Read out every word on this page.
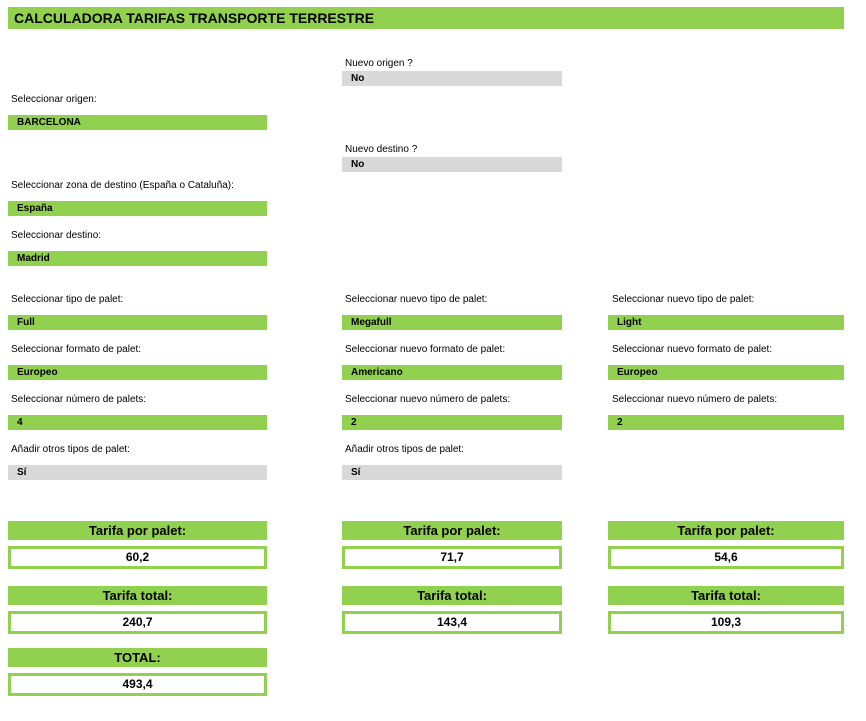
CALCULADORA TARIFAS TRANSPORTE TERRESTRE
Nuevo origen ?
No
Seleccionar origen:
BARCELONA
Nuevo destino ?
No
Seleccionar zona de destino (España o Cataluña):
España
Seleccionar destino:
Madrid
Seleccionar tipo de palet:
Full
Seleccionar formato de palet:
Europeo
Seleccionar número de palets:
4
Añadir otros tipos de palet:
Sí
Seleccionar nuevo tipo de palet:
Megafull
Seleccionar nuevo formato de palet:
Americano
Seleccionar nuevo número de palets:
2
Añadir otros tipos de palet:
Sí
Seleccionar nuevo tipo de palet:
Light
Seleccionar nuevo formato de palet:
Europeo
Seleccionar nuevo número de palets:
2
Tarifa por palet:
60,2
Tarifa por palet:
71,7
Tarifa por palet:
54,6
Tarifa total:
240,7
Tarifa total:
143,4
Tarifa total:
109,3
TOTAL:
493,4
